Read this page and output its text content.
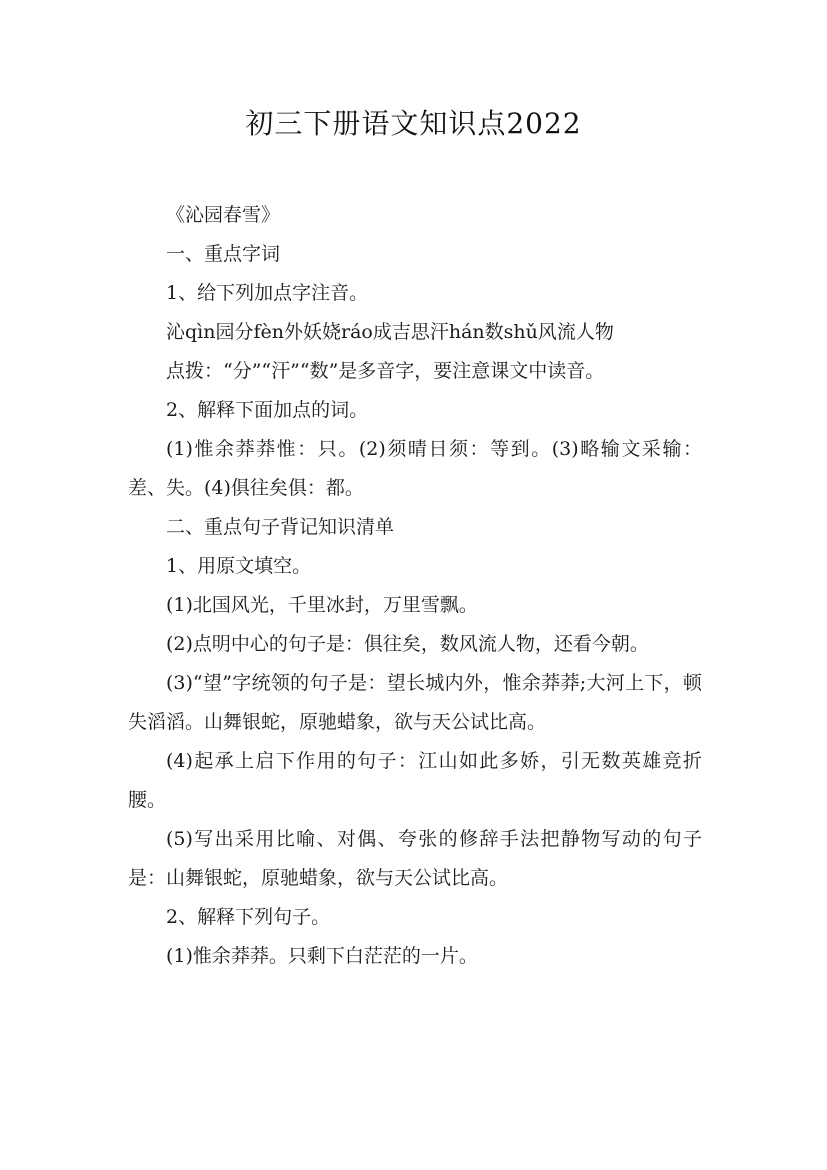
初三下册语文知识点2022

《沁园春雪》

一、重点字词

1、给下列加点字注音。

沁qìn园分fèn外妖娆ráo成吉思汗hán数shǔ风流人物

点拨：“分”“汗”“数”是多音字，要注意课文中读音。

2、解释下面加点的词。

(1)惟余莽莽惟：只。(2)须晴日须：等到。(3)略输文采输：差、失。(4)俱往矣俱：都。

二、重点句子背记知识清单

1、用原文填空。

(1)北国风光，千里冰封，万里雪飘。

(2)点明中心的句子是：俱往矣，数风流人物，还看今朝。

(3)“望”字统领的句子是：望长城内外，惟余莽莽;大河上下，顿失滔滔。山舞银蛇，原驰蜡象，欲与天公试比高。

(4)起承上启下作用的句子：江山如此多娇，引无数英雄竞折腰。

(5)写出采用比喻、对偶、夸张的修辞手法把静物写动的句子是：山舞银蛇，原驰蜡象，欲与天公试比高。

2、解释下列句子。

(1)惟余莽莽。只剩下白茫茫的一片。
